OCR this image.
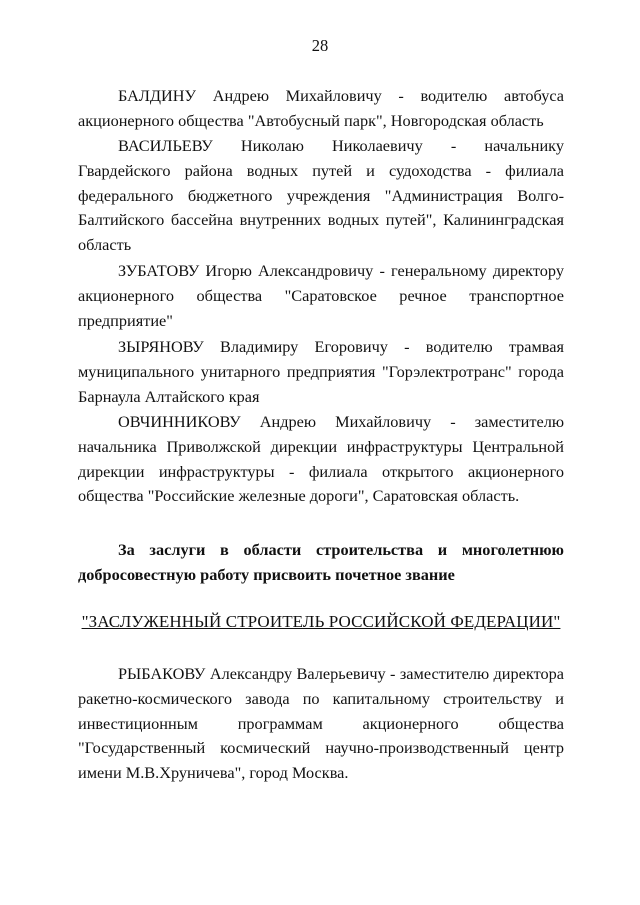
28

БАЛДИНУ Андрею Михайловичу - водителю автобуса акционерного общества "Автобусный парк", Новгородская область

ВАСИЛЬЕВУ Николаю Николаевичу - начальнику Гвардейского района водных путей и судоходства - филиала федерального бюджетного учреждения "Администрация Волго-Балтийского бассейна внутренних водных путей", Калининградская область

ЗУБАТОВУ Игорю Александровичу - генеральному директору акционерного общества "Саратовское речное транспортное предприятие"

ЗЫРЯНОВУ Владимиру Егоровичу - водителю трамвая муниципального унитарного предприятия "Горэлектротранс" города Барнаула Алтайского края

ОВЧИННИКОВУ Андрею Михайловичу - заместителю начальника Приволжской дирекции инфраструктуры Центральной дирекции инфраструктуры - филиала открытого акционерного общества "Российские железные дороги", Саратовская область.

За заслуги в области строительства и многолетнюю добросовестную работу присвоить почетное звание

"ЗАСЛУЖЕННЫЙ СТРОИТЕЛЬ РОССИЙСКОЙ ФЕДЕРАЦИИ"

РЫБАКОВУ Александру Валерьевичу - заместителю директора ракетно-космического завода по капитальному строительству и инвестиционным программам акционерного общества "Государственный космический научно-производственный центр имени М.В.Хруничева", город Москва.
